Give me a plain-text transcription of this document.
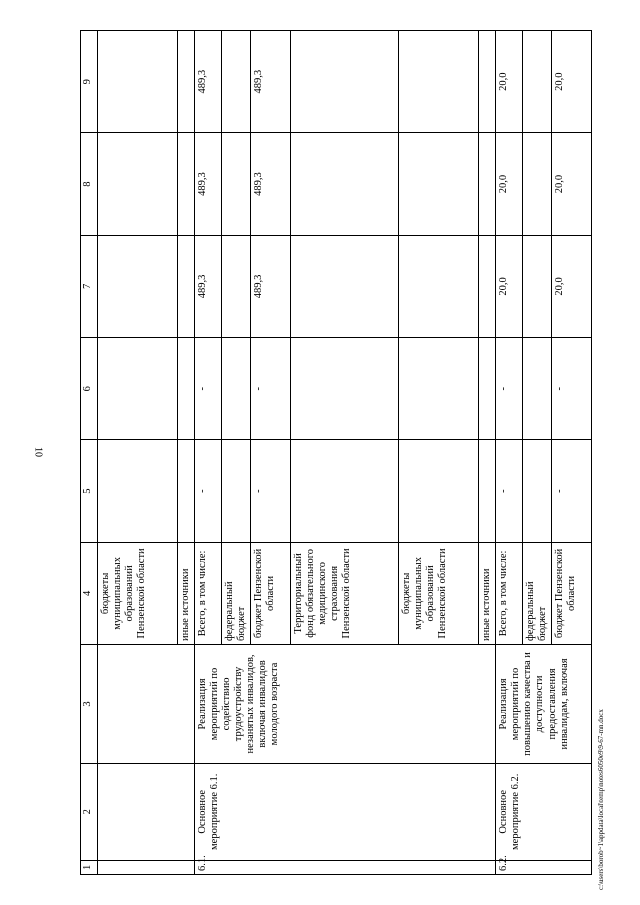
10
c:\users\borob~1\appdata\local\temp\notes6050e9\9-67-mn.docx
1	2	3	4	5	6	7	8	9
			бюджеты муниципальных образований Пензенской области					
			иные источники					
6.1.	Основное мероприятие 6.1.	Реализация мероприятий по содействию трудоустройству незанятых инвалидов, включая инвалидов молодого возраста	Всего, в том числе:	-	-	489,3	489,3	489,3
			федеральный бюджет					
			бюджет Пензенской области	-	-	489,3	489,3	489,3
			Территориальный фонд обязательного медицинского страхования Пензенской области					
			бюджеты муниципальных образований Пензенской области					
			иные источники					
6.2.	Основное мероприятие 6.2.	Реализация мероприятий по повышению качества и доступности предоставления инвалидам, включая	Всего, в том числе:	-	-	20,0	20,0	20,0
			федеральный бюджет					
			бюджет Пензенской области	-	-	20,0	20,0	20,0
